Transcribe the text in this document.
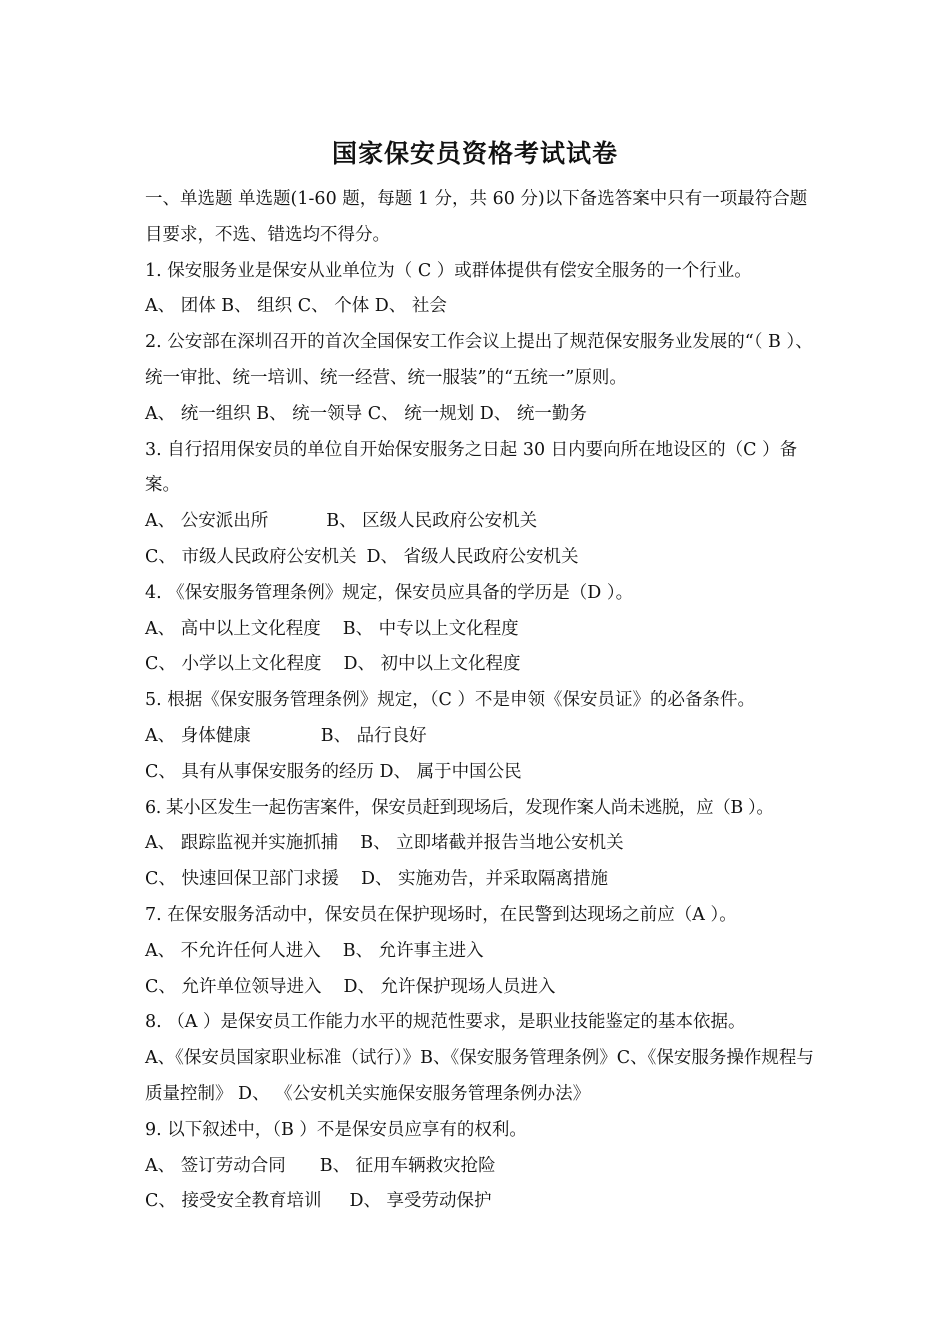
国家保安员资格考试试卷
一、单选题 单选题(1-60 题，每题 1 分，共 60 分)以下备选答案中只有一项最符合题目要求，不选、错选均不得分。
1. 保安服务业是保安从业单位为（ C ）或群体提供有偿安全服务的一个行业。
A、 团体 B、 组织 C、 个体 D、 社会
2. 公安部在深圳召开的首次全国保安工作会议上提出了规范保安服务业发展的“（ B ）、统一审批、统一培训、统一经营、统一服装”的“五统一”原则。
A、 统一组织 B、 统一领导 C、 统一规划 D、 统一勤务
3. 自行招用保安员的单位自开始保安服务之日起 30 日内要向所在地设区的（C ）备案。
A、 公安派出所	B、 区级人民政府公安机关
C、 市级人民政府公安机关 D、 省级人民政府公安机关
4. 《保安服务管理条例》规定，保安员应具备的学历是（D ）。
A、 高中以上文化程度 B、 中专以上文化程度
C、 小学以上文化程度 D、 初中以上文化程度
5. 根据《保安服务管理条例》规定，（C ）不是申领《保安员证》的必备条件。
A、 身体健康	B、 品行良好
C、 具有从事保安服务的经历 D、 属于中国公民
6. 某小区发生一起伤害案件，保安员赶到现场后，发现作案人尚未逃脱，应（B ）。
A、 跟踪监视并实施抓捕 B、 立即堵截并报告当地公安机关
C、 快速回保卫部门求援 D、 实施劝告，并采取隔离措施
7. 在保安服务活动中，保安员在保护现场时，在民警到达现场之前应（A ）。
A、 不允许任何人进入 B、 允许事主进入
C、 允许单位领导进入 D、 允许保护现场人员进入
8. （A ）是保安员工作能力水平的规范性要求，是职业技能鉴定的基本依据。
A、《保安员国家职业标准（试行）》B、《保安服务管理条例》C、《保安服务操作规程与质量控制》 D、 《公安机关实施保安服务管理条例办法》
9. 以下叙述中，（B ）不是保安员应享有的权利。
A、 签订劳动合同 B、 征用车辆救灾抢险
C、 接受安全教育培训 D、 享受劳动保护
